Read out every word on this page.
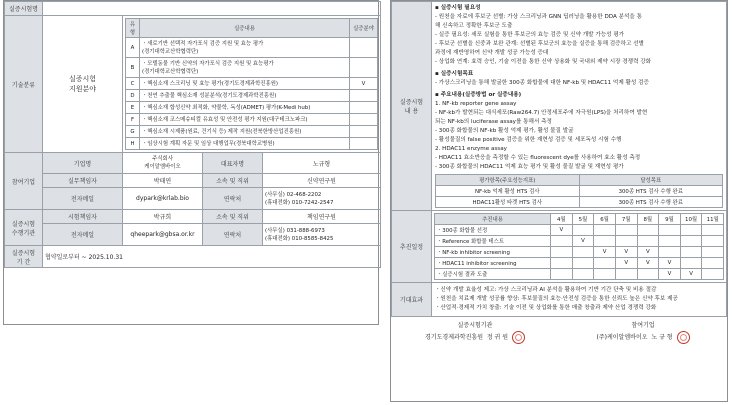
실증시험명	
기술분류	실증시험
지원분야	
유형	실증내용	실증분야
A	ㆍ새로기반 선택적 자가포식 검증 지원 및 효능 평가
(경기대학교산학협력단)	
B	ㆍ모델동물 기반 신약의 자가포식 검증 지원 및 효능평가
(경기대학교산학협력단)	
C	ㆍ핵심소재 스크리닝 및 효능 평가(경기도경제과학진흥원)	V
D	ㆍ천연 추출물 핵심소재 성분분석(경기도경제과학진흥원)	
E	ㆍ핵심소재 합성신약 최적화, 약물학, 독성(ADMET) 평가(K-Medi hub)	
F	ㆍ핵심소재 코스메슈티컬 유효성 및 안전성 평가 지원(대구테크노파크)	
G	ㆍ핵심소재 시제품(원료, 건기식 등) 제작 지원(전북한방산업진흥원)	
H	ㆍ임상시험 계획 자문 및 임상 대행업무(경북대학교병원)	

참여기업	기업명	주식회사
케이알엠바이오	대표자명	노규형
실무책임자	박태연	소속 및 직위	신약연구원
전자메일	dypark@krlab.bio	연락처	
(사무실) 02-468-2202
(휴대전화) 010-7242-2547

실증시험
수행기관	시험책임자	박규희	소속 및 직위	책임연구원
전자메일	qheepark@gbsa.or.kr	연락처	
(사무실) 031-888-6973
(휴대전화) 010-8585-8425

실증시험
기 간	협약일로부터 ~ 2025.10.31
실증시험
내 용	
▪ 실증시험 필요성
- 원천을 자료에 후보군 선별: 가상 스크리닝과 GNN 딥러닝을 활용한 DDA 분석을 통
해 신속하고 정확한 후보군 도출
- 실증 필요성: 세포 실험을 통한 후보군의 효능 검증 및 신약 개발 가능성 평가
- 후보군 선별을 신중과 보완 관계: 선별된 후보군의 효능을 실증을 통해 검증하고 선별
과정에 재반영하여 신약 개발 성공 가능성 증대
- 상업화 연계: 효력 승인, 기술 이전을 통한 신약 상용화 및 국내외 제약 시장 경쟁력 강화
▪ 실증시험목표
- 가상스크리닝을 통해 발굴한 300종 화합물에 대한 NF-kb 및 HDAC11 억제 활성 검증
▪ 주요내용(실증방법 or 실증내용)
1. NF-kb reporter gene assay
- NF-kb가 발현되는 대식세포(Raw264.7) 안정세포주에 자극원(LPS)을 처리하여 발현
되는 NF-kb의 luciferase assay를 통해서 측정
- 300종 화합물의 NF-kb 활성 억제 평가, 활성 물질 발굴
- 활성물질의 false positive 검증을 위한 재현성 검증 및 세포독성 시험 수행
2. HDAC11 enzyme assay
- HDAC11 효소반응을 측정할 수 있는 fluorescent dye를 사용하여 효소 활성 측정
- 300종 화합물의 HDAC11 억제 효능 평가 및 활성 물질 발굴 및 재현성 평가
평가항목(주요성능지표)	달성목표
NF-kb 억제 활성 HTS 검사	300종 HTS 검사 수행 완료
HDAC11활성 타겟 HTS 검사	300종 HTS 검사 수행 완료

추진일정	
추진내용	4월	5월	6월	7월	8월	9월	10월	11월
ㆍ300종 화합물 선정	V							
ㆍReference 화합물 테스트		V						
ㆍNF-kb inhibitor screening			V	V	V			
ㆍHDAC11 inhibitor screening				V	V	V		
ㆍ실증시험 결과 도출						V	V	

기대효과	
ㆍ신약 개발 효율성 제고: 가상 스크리닝과 AI 분석을 활용하여 기반 기간 단축 및 비용 절감
ㆍ원천을 치료제 개발 성공률 향상: 후보물질의 효능·안전성 검증을 통한 신뢰도 높은 신약 후보 제공
ㆍ산업적·경제적 가치 창출: 기술 이전 및 상업화를 통한 매출 창출과 제약 산업 경쟁력 강화
실증시험기관	참여기업
경기도경제과학진흥원 정 귀 원	(주)케이알엠바이오 노 규 형
